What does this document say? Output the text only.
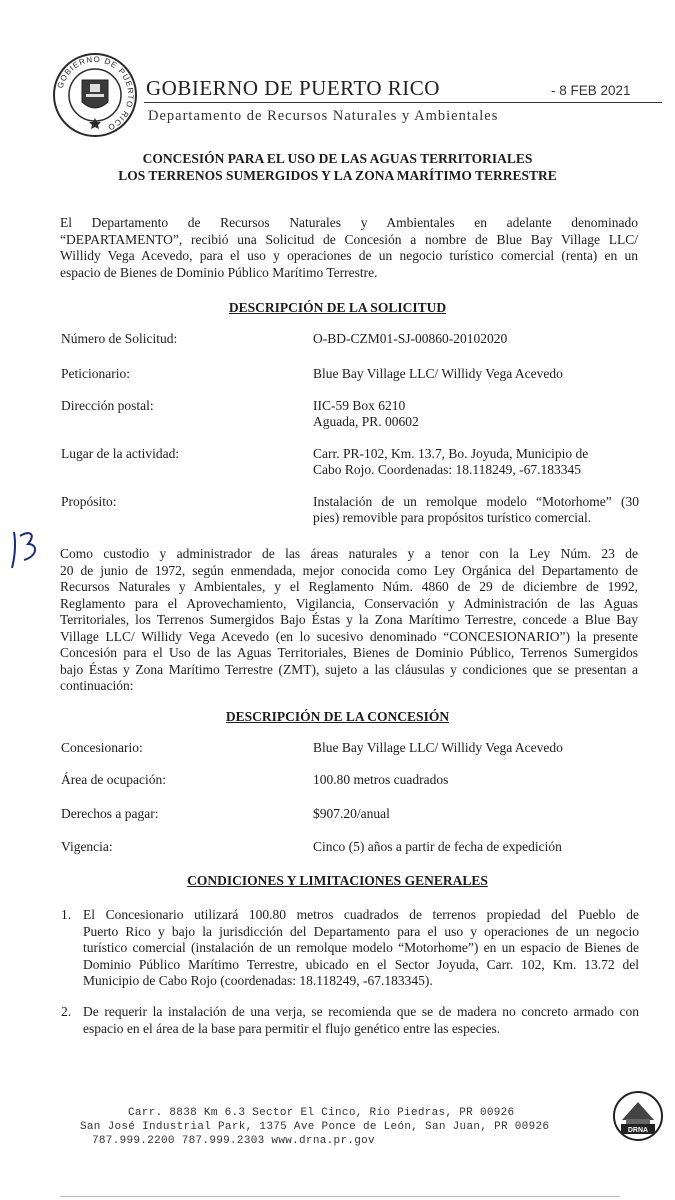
GOBIERNO DE PUERTO RICO
GOBIERNO DE PUERTO RICO	- 8 FEB 2021
Departamento de Recursos Naturales y Ambientales
CONCESIÓN PARA EL USO DE LAS AGUAS TERRITORIALES
LOS TERRENOS SUMERGIDOS Y LA ZONA MARÍTIMO TERRESTRE
El Departamento de Recursos Naturales y Ambientales en adelante denominado
“DEPARTAMENTO”, recibió una Solicitud de Concesión a nombre de Blue Bay Village LLC/
Willidy Vega Acevedo, para el uso y operaciones de un negocio turístico comercial (renta) en un
espacio de Bienes de Dominio Público Marítimo Terrestre.
DESCRIPCIÓN DE LA SOLICITUD
Número de Solicitud:	O-BD-CZM01-SJ-00860-20102020
Peticionario:	Blue Bay Village LLC/ Willidy Vega Acevedo
Dirección postal:	IIC-59 Box 6210
Aguada, PR. 00602
Lugar de la actividad:	Carr. PR-102, Km. 13.7, Bo. Joyuda, Municipio de
Cabo Rojo. Coordenadas: 18.118249, -67.183345
Propósito:	Instalación de un remolque modelo “Motorhome” (30
pies) removible para propósitos turístico comercial.
Como custodio y administrador de las áreas naturales y a tenor con la Ley Núm. 23 de
20 de junio de 1972, según enmendada, mejor conocida como Ley Orgánica del Departamento de
Recursos Naturales y Ambientales, y el Reglamento Núm. 4860 de 29 de diciembre de 1992,
Reglamento para el Aprovechamiento, Vigilancia, Conservación y Administración de las Aguas
Territoriales, los Terrenos Sumergidos Bajo Éstas y la Zona Marítimo Terrestre, concede a Blue Bay
Village LLC/ Willidy Vega Acevedo (en lo sucesivo denominado “CONCESIONARIO”) la presente
Concesión para el Uso de las Aguas Territoriales, Bienes de Dominio Público, Terrenos Sumergidos
bajo Éstas y Zona Marítimo Terrestre (ZMT), sujeto a las cláusulas y condiciones que se presentan a
continuación:
DESCRIPCIÓN DE LA CONCESIÓN
Concesionario:	Blue Bay Village LLC/ Willidy Vega Acevedo
Área de ocupación:	100.80 metros cuadrados
Derechos a pagar:	$907.20/anual
Vigencia:	Cinco (5) años a partir de fecha de expedición
CONDICIONES Y LIMITACIONES GENERALES
1. El Concesionario utilizará 100.80 metros cuadrados de terrenos propiedad del Pueblo de
Puerto Rico y bajo la jurisdicción del Departamento para el uso y operaciones de un negocio
turístico comercial (instalación de un remolque modelo “Motorhome”) en un espacio de Bienes de
Dominio Público Marítimo Terrestre, ubicado en el Sector Joyuda, Carr. 102, Km. 13.72 del
Municipio de Cabo Rojo (coordenadas: 18.118249, -67.183345).
2. De requerir la instalación de una verja, se recomienda que se de madera no concreto armado con
espacio en el área de la base para permitir el flujo genético entre las especies.
Carr. 8838 Km 6.3 Sector El Cinco, Río Piedras, PR 00926
San José Industrial Park, 1375 Ave Ponce de León, San Juan, PR 00926
787.999.2200 787.999.2303 www.drna.pr.gov
DRNA
